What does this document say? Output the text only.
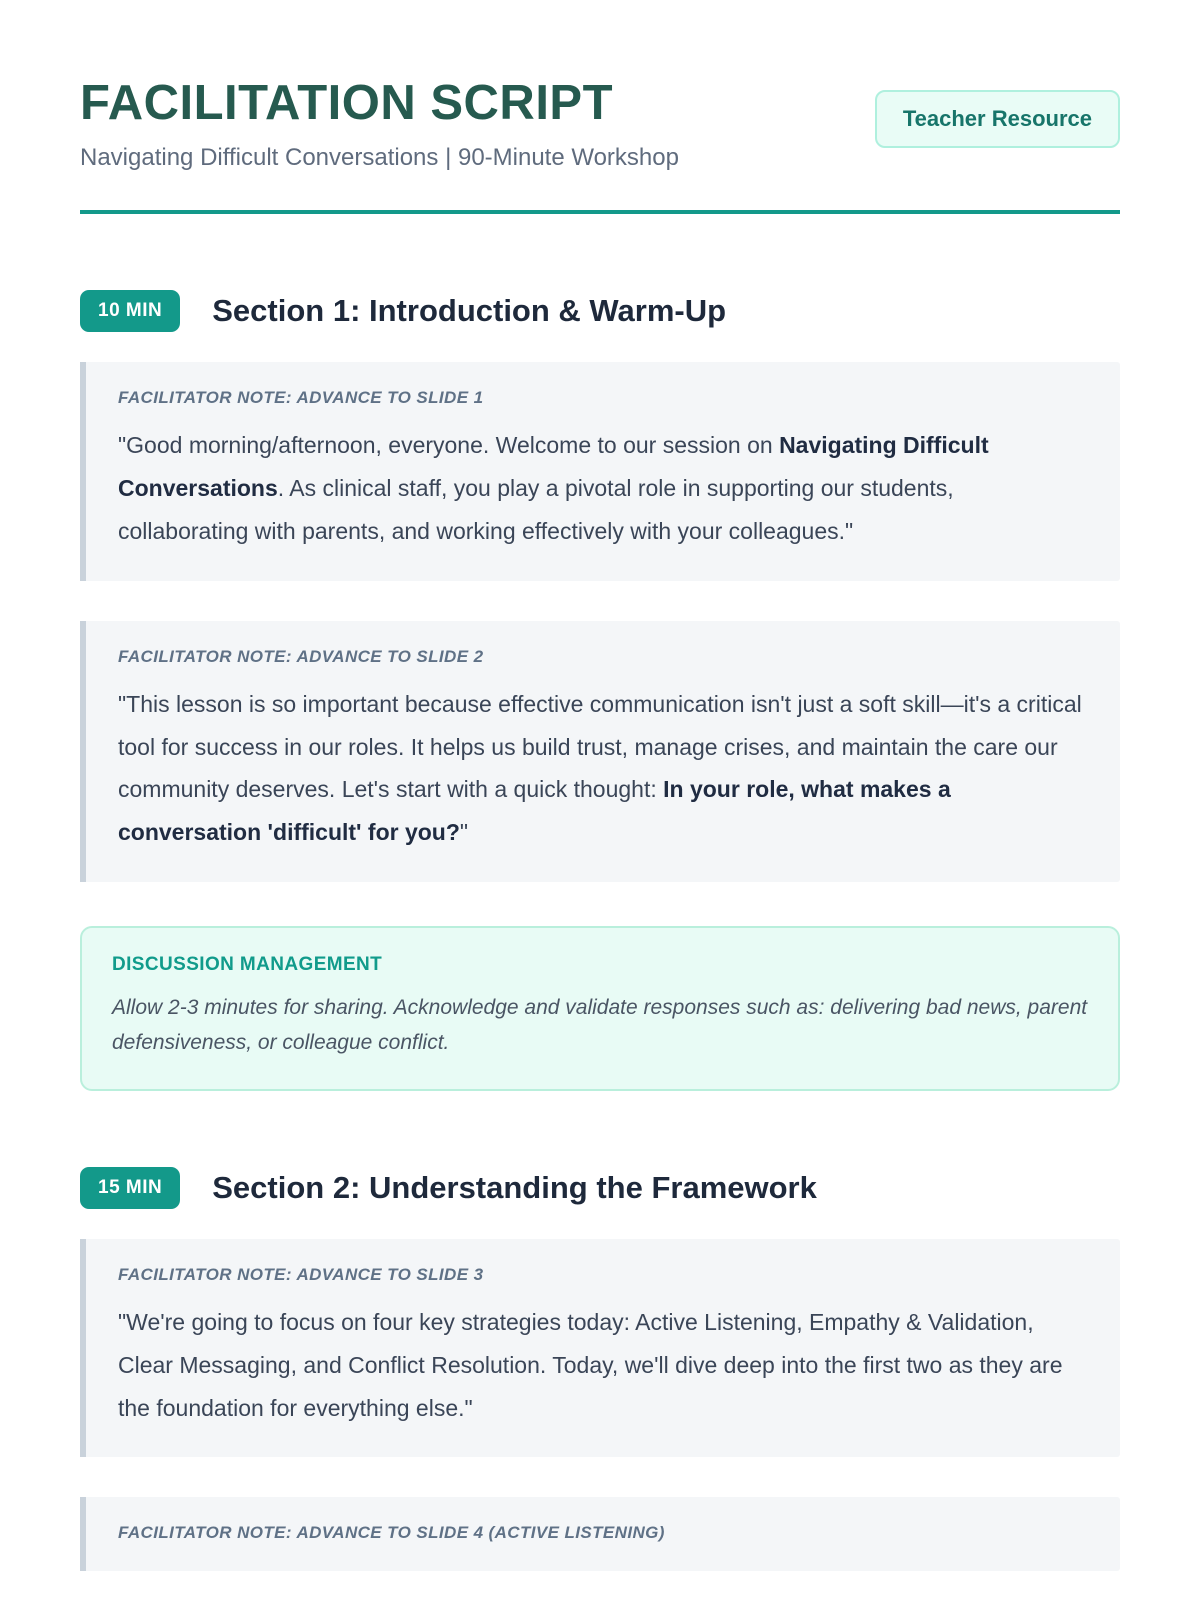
FACILITATION SCRIPT

Navigating Difficult Conversations | 90-Minute Workshop

Teacher Resource
10 MIN	Section 1: Introduction & Warm-Up
FACILITATOR NOTE: ADVANCE TO SLIDE 1

"Good morning/afternoon, everyone. Welcome to our session on Navigating Difficult Conversations. As clinical staff, you play a pivotal role in supporting our students, collaborating with parents, and working effectively with your colleagues."

FACILITATOR NOTE: ADVANCE TO SLIDE 2

"This lesson is so important because effective communication isn't just a soft skill—it's a critical tool for success in our roles. It helps us build trust, manage crises, and maintain the care our community deserves. Let's start with a quick thought: In your role, what makes a conversation 'difficult' for you?"

DISCUSSION MANAGEMENT

Allow 2-3 minutes for sharing. Acknowledge and validate responses such as: delivering bad news, parent defensiveness, or colleague conflict.

15 MIN	Section 2: Understanding the Framework
FACILITATOR NOTE: ADVANCE TO SLIDE 3

"We're going to focus on four key strategies today: Active Listening, Empathy & Validation, Clear Messaging, and Conflict Resolution. Today, we'll dive deep into the first two as they are the foundation for everything else."

FACILITATOR NOTE: ADVANCE TO SLIDE 4 (ACTIVE LISTENING)
